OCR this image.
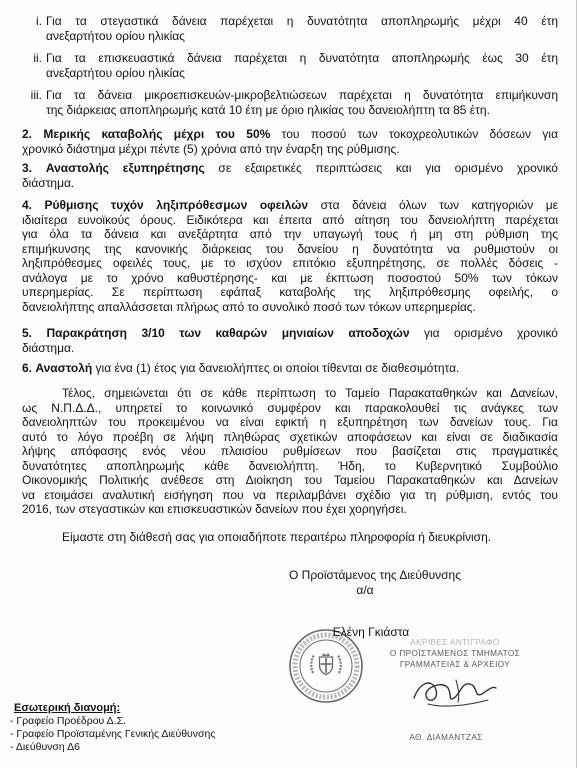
i. Για τα στεγαστικά δάνεια παρέχεται η δυνατότητα αποπληρωμής μέχρι 40 έτη
ανεξαρτήτου ορίου ηλικίας
ii. Για τα επισκευαστικά δάνεια παρέχεται η δυνατότητα αποπληρωμής έως 30 έτη
ανεξαρτήτου ορίου ηλικίας
iii. Για τα δάνεια μικροεπισκευών-μικροβελτιώσεων παρέχεται η δυνατότητα επιμήκυνση
της διάρκειας αποπληρωμής κατά 10 έτη με όριο ηλικίας του δανειολήπτη τα 85 έτη.
2. Μερικής καταβολής μέχρι του 50% του ποσού των τοκοχρεολυτικών δόσεων για
χρονικό διάστημα μέχρι πέντε (5) χρόνια από την έναρξη της ρύθμισης.
3. Αναστολής εξυπηρέτησης σε εξαιρετικές περιπτώσεις και για ορισμένο χρονικό
διάστημα.
4. Ρύθμισης τυχόν ληξιπρόθεσμων οφειλών στα δάνεια όλων των κατηγοριών με
ιδιαίτερα ευνοϊκούς όρους. Ειδικότερα και έπειτα από αίτηση του δανειολήπτη παρέχεται
για όλα τα δάνεια και ανεξάρτητα από την υπαγωγή τους ή μη στη ρύθμιση της
επιμήκυνσης της κανονικής διάρκειας του δανείου η δυνατότητα να ρυθμιστούν οι
ληξιπρόθεσμες οφειλές τους, με το ισχύον επιτόκιο εξυπηρέτησης, σε πολλές δόσεις -
ανάλογα με το χρόνο καθυστέρησης- και με έκπτωση ποσοστού 50% των τόκων
υπερημερίας. Σε περίπτωση εφάπαξ καταβολής της ληξιπρόθεσμης οφειλής, ο
δανειολήπτης απαλλάσσεται πλήρως από το συνολικό ποσό των τόκων υπερημερίας.
5. Παρακράτηση 3/10 των καθαρών μηνιαίων αποδοχών για ορισμένο χρονικό
διάστημα.
6. Αναστολή για ένα (1) έτος για δανειολήπτες οι οποίοι τίθενται σε διαθεσιμότητα.
Τέλος, σημειώνεται ότι σε κάθε περίπτωση το Ταμείο Παρακαταθηκών και Δανείων,
ως Ν.Π.Δ.Δ., υπηρετεί το κοινωνικό συμφέρον και παρακολουθεί τις ανάγκες των
δανειοληπτών του προκειμένου να είναι εφικτή η εξυπηρέτηση των δανείων τους. Για
αυτό το λόγο προέβη σε λήψη πληθώρας σχετικών αποφάσεων και είναι σε διαδικασία
λήψης απόφασης ενός νέου πλαισίου ρυθμίσεων που βασίζεται στις πραγματικές
δυνατότητες αποπληρωμής κάθε δανειολήπτη. Ήδη, το Κυβερνητικό Συμβούλιο
Οικονομικής Πολιτικής ανέθεσε στη Διοίκηση του Ταμείου Παρακαταθηκών και Δανείων
να ετοιμάσει αναλυτική εισήγηση που να περιλαμβάνει σχέδιο για τη ρύθμιση, εντός του
2016, των στεγαστικών και επισκευαστικών δανείων που έχει χορηγήσει.
Είμαστε στη διάθεσή σας για οποιαδήποτε περαιτέρω πληροφορία ή διευκρίνιση.
Ο Προϊστάμενος της Διεύθυνσης
α/α
Ελένη Γκιάστα
ΑΚΡΙΒΕΣ ΑΝΤΙΓΡΑΦΟ
Ο ΠΡΟΪΣΤΑΜΕΝΟΣ ΤΜΗΜΑΤΟΣ
ΓΡΑΜΜΑΤΕΙΑΣ & ΑΡΧΕΙΟΥ
ΑΘ. ΔΙΑΜΑΝΤΖΑΣ
Εσωτερική διανομή:
- Γραφείο Προέδρου Δ.Σ.
- Γραφείο Προϊσταμένης Γενικής Διεύθυνσης
- Διεύθυνση Δ6
